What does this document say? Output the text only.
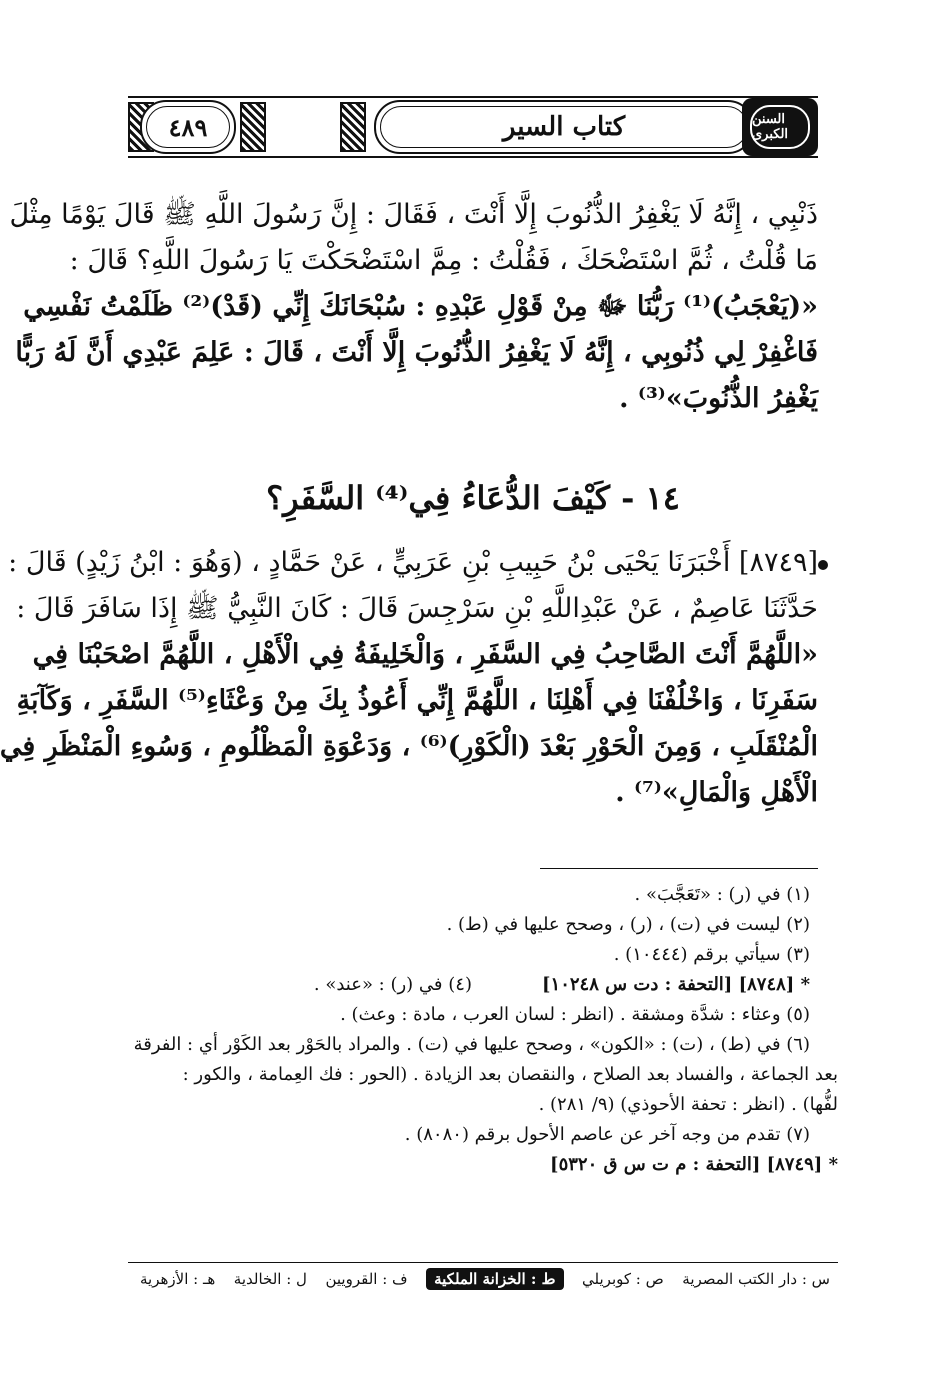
٤٨٩	كتاب السير	السنن الكبرى
ذَنْبِي ، إِنَّهُ لَا يَغْفِرُ الذُّنُوبَ إِلَّا أَنْتَ ، فَقَالَ : إِنَّ رَسُولَ اللَّهِ ﷺ قَالَ يَوْمًا مِثْلَ
مَا قُلْتُ ، ثُمَّ اسْتَضْحَكَ ، فَقُلْتُ : مِمَّ اسْتَضْحَكْتَ يَا رَسُولَ اللَّهِ؟ قَالَ :
«(يَعْجَبُ)⁽¹⁾ رَبُّنَا ﷻ مِنْ قَوْلِ عَبْدِهِ : سُبْحَانَكَ إِنِّي (قَدْ)⁽²⁾ ظَلَمْتُ نَفْسِي
فَاغْفِرْ لِي ذُنُوبِي ، إِنَّهُ لَا يَغْفِرُ الذُّنُوبَ إِلَّا أَنْتَ ، قَالَ : عَلِمَ عَبْدِي أَنَّ لَهُ رَبًّا
يَغْفِرُ الذُّنُوبَ»⁽³⁾ .
١٤ - كَيْفَ الدُّعَاءُ فِي⁽⁴⁾ السَّفَرِ؟
[٨٧٤٩] أَخْبَرَنَا يَحْيَى بْنُ حَبِيبِ بْنِ عَرَبِيٍّ ، عَنْ حَمَّادٍ ، (وَهُوَ : ابْنُ زَيْدٍ) قَالَ :
حَدَّثَنَا عَاصِمٌ ، عَنْ عَبْدِاللَّهِ بْنِ سَرْجِسَ قَالَ : كَانَ النَّبِيُّ ﷺ إِذَا سَافَرَ قَالَ :
«اللَّهُمَّ أَنْتَ الصَّاحِبُ فِي السَّفَرِ ، وَالْخَلِيفَةُ فِي الْأَهْلِ ، اللَّهُمَّ اصْحَبْنَا فِي
سَفَرِنَا ، وَاخْلُفْنَا فِي أَهْلِنَا ، اللَّهُمَّ إِنِّي أَعُوذُ بِكَ مِنْ وَعْثَاءِ⁽⁵⁾ السَّفَرِ ، وَكَآبَةِ
الْمُنْقَلَبِ ، وَمِنَ الْحَوْرِ بَعْدَ (الْكَوْرِ)⁽⁶⁾ ، وَدَعْوَةِ الْمَظْلُومِ ، وَسُوءِ الْمَنْظَرِ فِي
الْأَهْلِ وَالْمَالِ»⁽⁷⁾ .
(١) في (ر) : «تَعَجَّبَ» .
(٢) ليست في (ت) ، (ر) ، وصحح عليها في (ط) .
(٣) سيأتي برقم (١٠٤٤٤) .
* [٨٧٤٨] [التحفة : دت س ١٠٢٤٨]
(٤) في (ر) : «عند» .
(٥) وعثاء : شدَّة ومشقة . (انظر : لسان العرب ، مادة : وعث) .
(٦) في (ط) ، (ت) : «الكون» ، وصحح عليها في (ت) . والمراد بالحَوْر بعد الكَوْر أي : الفرقة
بعد الجماعة ، والفساد بعد الصلاح ، والنقصان بعد الزيادة . (الحور : فك العِمامة ، والكور :
لفُّها) . (انظر : تحفة الأحوذي) (٩/ ٢٨١) .
(٧) تقدم من وجه آخر عن عاصم الأحول برقم (٨٠٨٠) .
* [٨٧٤٩] [التحفة : م ت س ق ٥٣٢٠]
س : دار الكتب المصرية
ص : كوبريلي
ط : الخزانة الملكية
ف : القرويين
ل : الخالدية
هـ : الأزهرية
